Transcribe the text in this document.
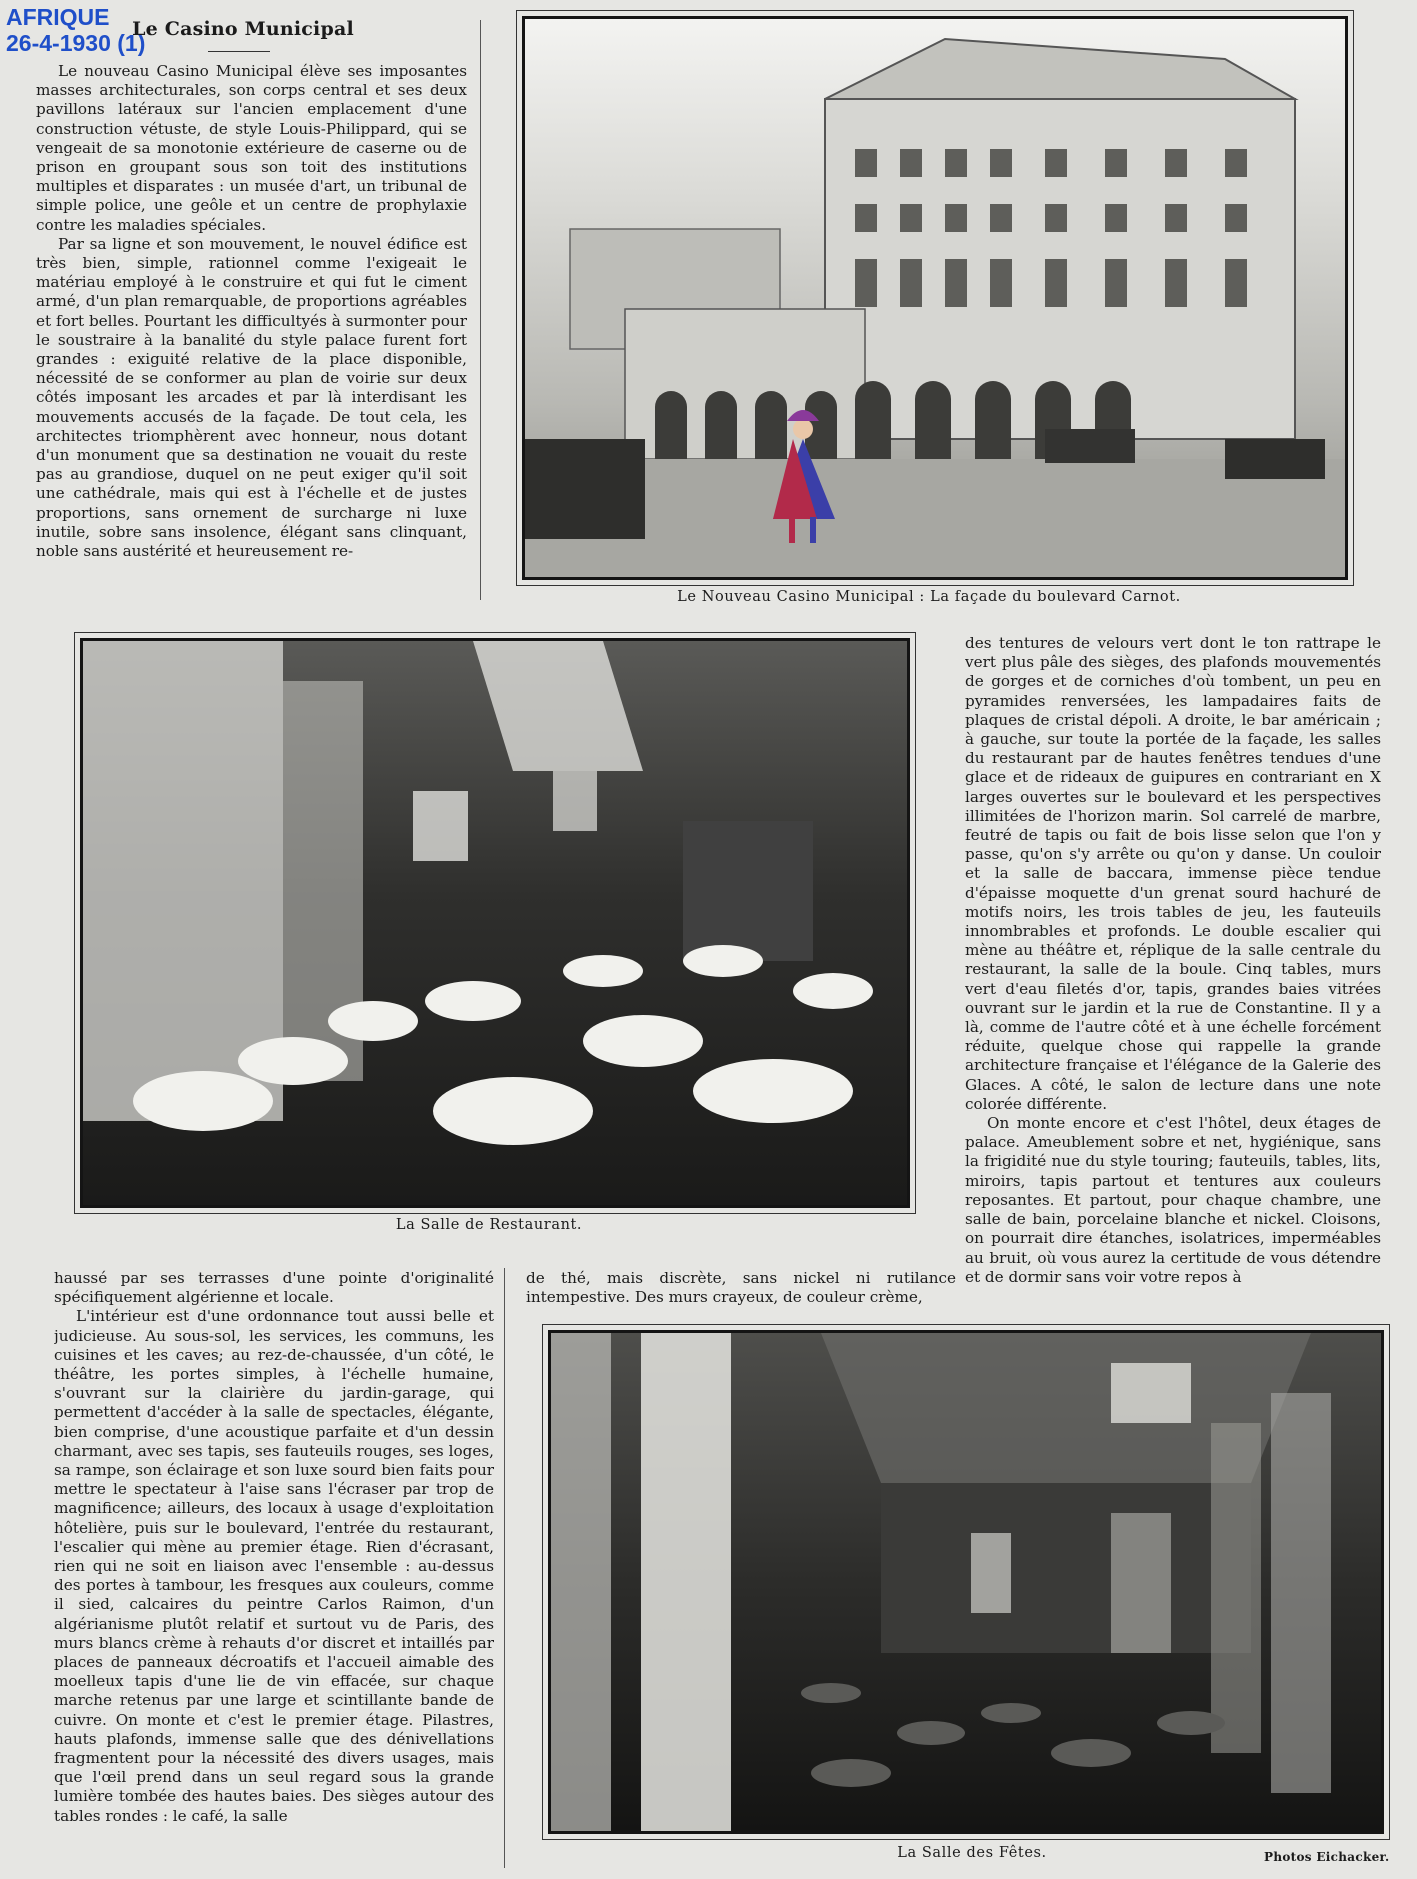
AFRIQUE
26-4-1930 (1)
Le Casino Municipal

Le nouveau Casino Municipal élève ses imposantes masses architecturales, son corps central et ses deux pavillons latéraux sur l'ancien emplacement d'une construction vétuste, de style Louis-Philippard, qui se vengeait de sa monotonie extérieure de caserne ou de prison en groupant sous son toit des institutions multiples et disparates : un musée d'art, un tribunal de simple police, une geôle et un centre de prophylaxie contre les maladies spéciales.

Par sa ligne et son mouvement, le nouvel édifice est très bien, simple, rationnel comme l'exigeait le matériau employé à le construire et qui fut le ciment armé, d'un plan remarquable, de proportions agréables et fort belles. Pourtant les difficultyés à surmonter pour le soustraire à la banalité du style palace furent fort grandes : exiguité relative de la place disponible, nécessité de se conformer au plan de voirie sur deux côtés imposant les arcades et par là interdisant les mouvements accusés de la façade. De tout cela, les architectes triomphèrent avec honneur, nous dotant d'un monument que sa destination ne vouait du reste pas au grandiose, duquel on ne peut exiger qu'il soit une cathédrale, mais qui est à l'échelle et de justes proportions, sans ornement de surcharge ni luxe inutile, sobre sans insolence, élégant sans clinquant, noble sans austérité et heureusement re-

Le Nouveau Casino Municipal : La façade du boulevard Carnot.
La Salle de Restaurant.

des tentures de velours vert dont le ton rattrape le vert plus pâle des sièges, des plafonds mouvementés de gorges et de corniches d'où tombent, un peu en pyramides renversées, les lampadaires faits de plaques de cristal dépoli. A droite, le bar américain ; à gauche, sur toute la portée de la façade, les salles du restaurant par de hautes fenêtres tendues d'une glace et de rideaux de guipures en contrariant en X larges ouvertes sur le boulevard et les perspectives illimitées de l'horizon marin. Sol carrelé de marbre, feutré de tapis ou fait de bois lisse selon que l'on y passe, qu'on s'y arrête ou qu'on y danse. Un couloir et la salle de baccara, immense pièce tendue d'épaisse moquette d'un grenat sourd hachuré de motifs noirs, les trois tables de jeu, les fauteuils innombrables et profonds. Le double escalier qui mène au théâtre et, réplique de la salle centrale du restaurant, la salle de la boule. Cinq tables, murs vert d'eau filetés d'or, tapis, grandes baies vitrées ouvrant sur le jardin et la rue de Constantine. Il y a là, comme de l'autre côté et à une échelle forcément réduite, quelque chose qui rappelle la grande architecture française et l'élégance de la Galerie des Glaces. A côté, le salon de lecture dans une note colorée différente.

On monte encore et c'est l'hôtel, deux étages de palace. Ameublement sobre et net, hygiénique, sans la frigidité nue du style touring; fauteuils, tables, lits, miroirs, tapis partout et tentures aux couleurs reposantes. Et partout, pour chaque chambre, une salle de bain, porcelaine blanche et nickel. Cloisons, on pourrait dire étanches, isolatrices, imperméables au bruit, où vous aurez la certitude de vous détendre et de dormir sans voir votre repos à

haussé par ses terrasses d'une pointe d'originalité spécifiquement algérienne et locale.

L'intérieur est d'une ordonnance tout aussi belle et judicieuse. Au sous-sol, les services, les communs, les cuisines et les caves; au rez-de-chaussée, d'un côté, le théâtre, les portes simples, à l'échelle humaine, s'ouvrant sur la clairière du jardin-garage, qui permettent d'accéder à la salle de spectacles, élégante, bien comprise, d'une acoustique parfaite et d'un dessin charmant, avec ses tapis, ses fauteuils rouges, ses loges, sa rampe, son éclairage et son luxe sourd bien faits pour mettre le spectateur à l'aise sans l'écraser par trop de magnificence; ailleurs, des locaux à usage d'exploitation hôtelière, puis sur le boulevard, l'entrée du restaurant, l'escalier qui mène au premier étage. Rien d'écrasant, rien qui ne soit en liaison avec l'ensemble : au-dessus des portes à tambour, les fresques aux couleurs, comme il sied, calcaires du peintre Carlos Raimon, d'un algérianisme plutôt relatif et surtout vu de Paris, des murs blancs crème à rehauts d'or discret et intaillés par places de panneaux décroatifs et l'accueil aimable des moelleux tapis d'une lie de vin effacée, sur chaque marche retenus par une large et scintillante bande de cuivre. On monte et c'est le premier étage. Pilastres, hauts plafonds, immense salle que des dénivellations fragmentent pour la nécessité des divers usages, mais que l'œil prend dans un seul regard sous la grande lumière tombée des hautes baies. Des sièges autour des tables rondes : le café, la salle

de thé, mais discrète, sans nickel ni rutilance intempestive. Des murs crayeux, de couleur crème,

La Salle des Fêtes.	Photos Eichacker.
